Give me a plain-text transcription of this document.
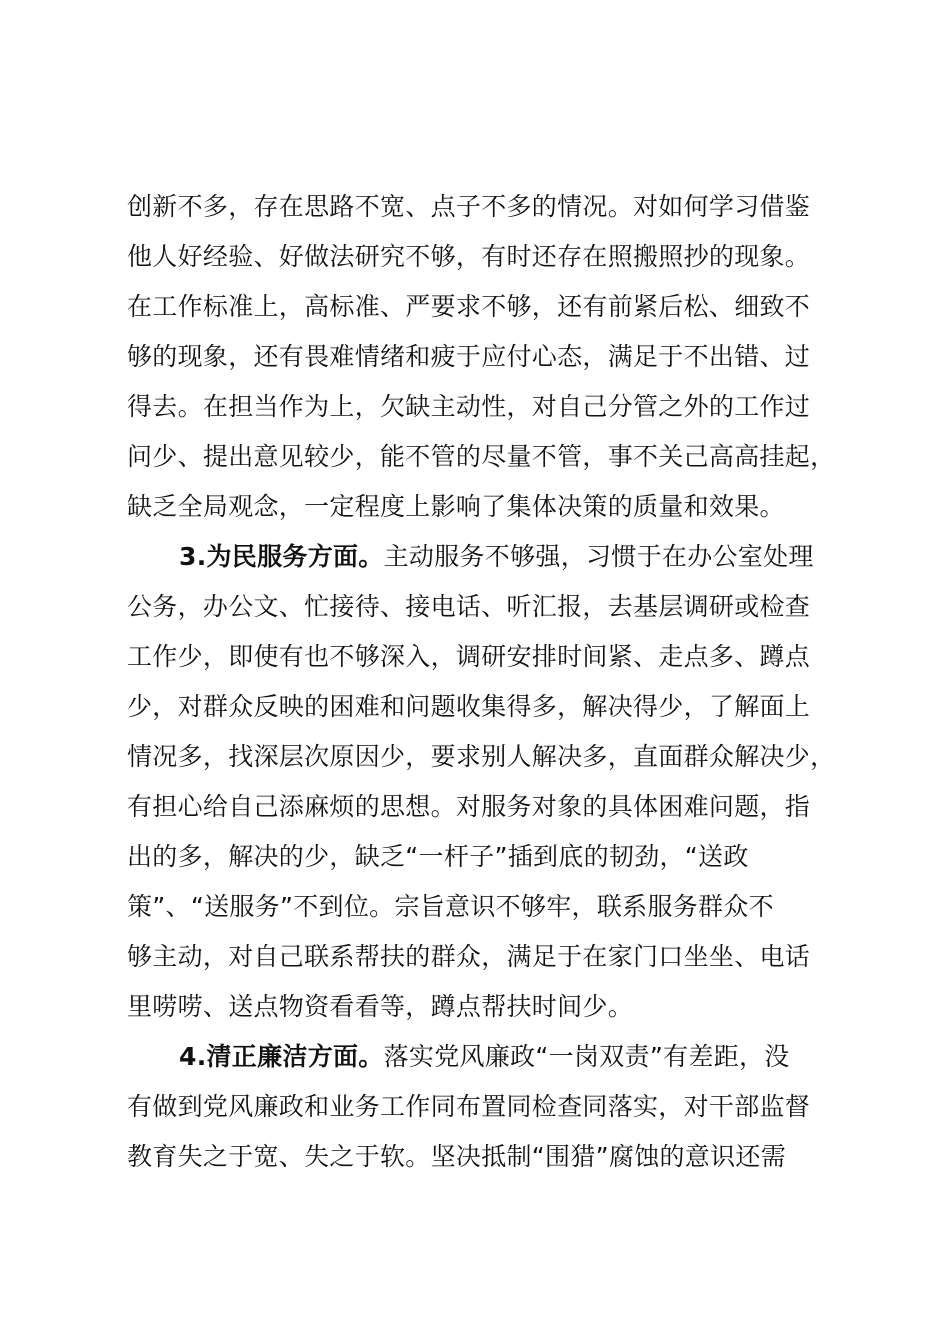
创新不多，存在思路不宽、点子不多的情况。对如何学习借鉴
他人好经验、好做法研究不够，有时还存在照搬照抄的现象。
在工作标准上，高标准、严要求不够，还有前紧后松、细致不
够的现象，还有畏难情绪和疲于应付心态，满足于不出错、过
得去。在担当作为上，欠缺主动性，对自己分管之外的工作过
问少、提出意见较少，能不管的尽量不管，事不关己高高挂起，
缺乏全局观念，一定程度上影响了集体决策的质量和效果。
3.为民服务方面。主动服务不够强，习惯于在办公室处理
公务，办公文、忙接待、接电话、听汇报，去基层调研或检查
工作少，即使有也不够深入，调研安排时间紧、走点多、蹲点
少，对群众反映的困难和问题收集得多，解决得少，了解面上
情况多，找深层次原因少，要求别人解决多，直面群众解决少，
有担心给自己添麻烦的思想。对服务对象的具体困难问题，指
出的多，解决的少，缺乏“一杆子”插到底的韧劲，“送政
策”、“送服务”不到位。宗旨意识不够牢，联系服务群众不
够主动，对自己联系帮扶的群众，满足于在家门口坐坐、电话
里唠唠、送点物资看看等，蹲点帮扶时间少。
4.清正廉洁方面。落实党风廉政“一岗双责”有差距，没
有做到党风廉政和业务工作同布置同检查同落实，对干部监督
教育失之于宽、失之于软。坚决抵制“围猎”腐蚀的意识还需
